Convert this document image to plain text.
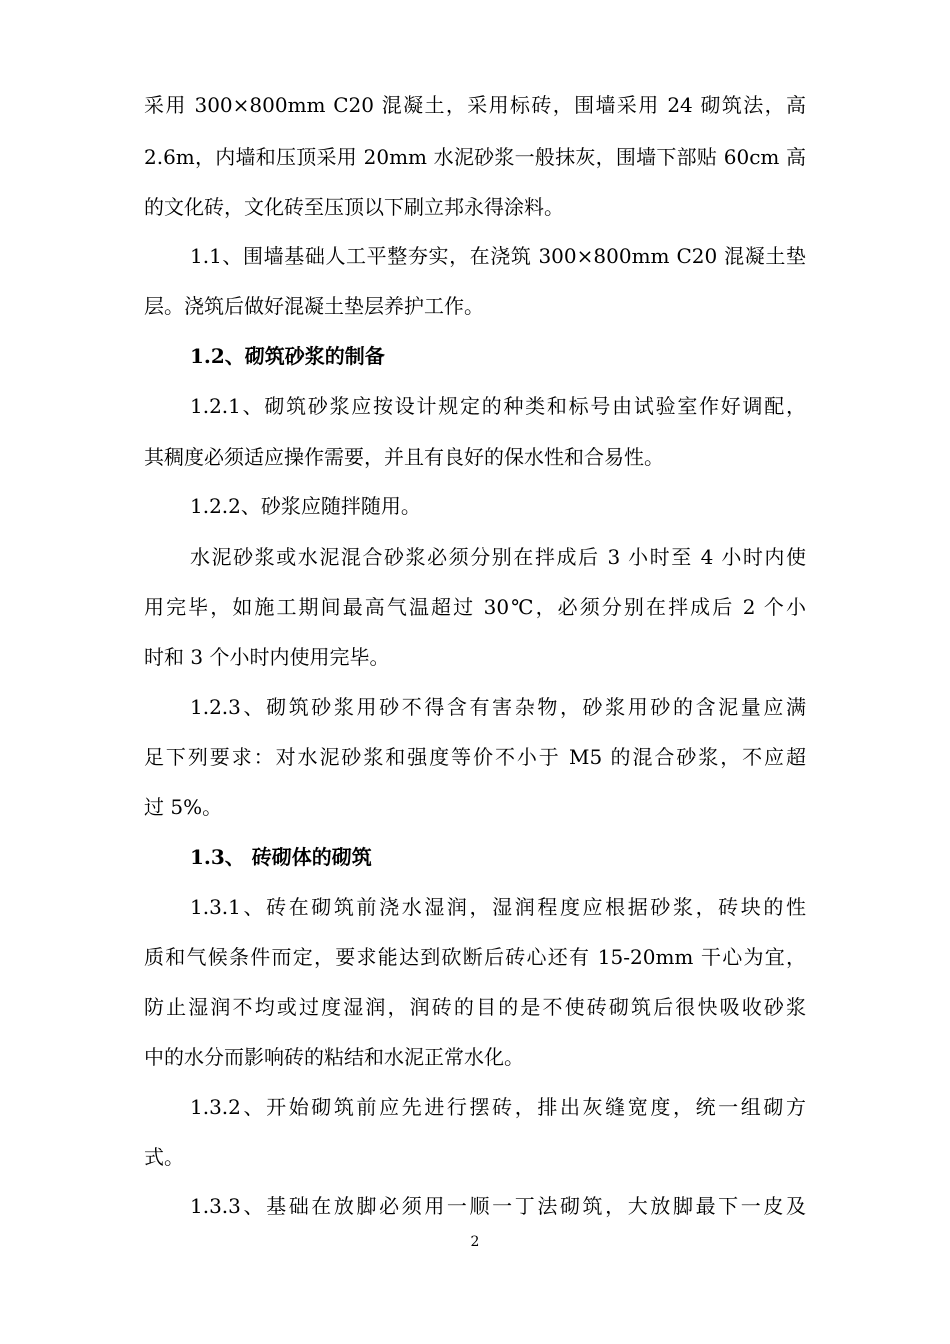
采用 300×800mm C20 混凝土，采用标砖，围墙采用 24 砌筑法，高
2.6m，内墙和压顶采用 20mm 水泥砂浆一般抹灰，围墙下部贴 60cm 高
的文化砖，文化砖至压顶以下刷立邦永得涂料。
1.1、围墙基础人工平整夯实，在浇筑 300×800mm C20 混凝土垫
层。浇筑后做好混凝土垫层养护工作。
1.2、砌筑砂浆的制备
1.2.1、砌筑砂浆应按设计规定的种类和标号由试验室作好调配，
其稠度必须适应操作需要，并且有良好的保水性和合易性。
1.2.2、砂浆应随拌随用。
水泥砂浆或水泥混合砂浆必须分别在拌成后 3 小时至 4 小时内使
用完毕，如施工期间最高气温超过 30℃，必须分别在拌成后 2 个小
时和 3 个小时内使用完毕。
1.2.3、砌筑砂浆用砂不得含有害杂物，砂浆用砂的含泥量应满
足下列要求：对水泥砂浆和强度等价不小于 M5 的混合砂浆，不应超
过 5%。
1.3、 砖砌体的砌筑
1.3.1、砖在砌筑前浇水湿润，湿润程度应根据砂浆，砖块的性
质和气候条件而定，要求能达到砍断后砖心还有 15-20mm 干心为宜，
防止湿润不均或过度湿润，润砖的目的是不使砖砌筑后很快吸收砂浆
中的水分而影响砖的粘结和水泥正常水化。
1.3.2、开始砌筑前应先进行摆砖，排出灰缝宽度，统一组砌方
式。
1.3.3、基础在放脚必须用一顺一丁法砌筑，大放脚最下一皮及
2
